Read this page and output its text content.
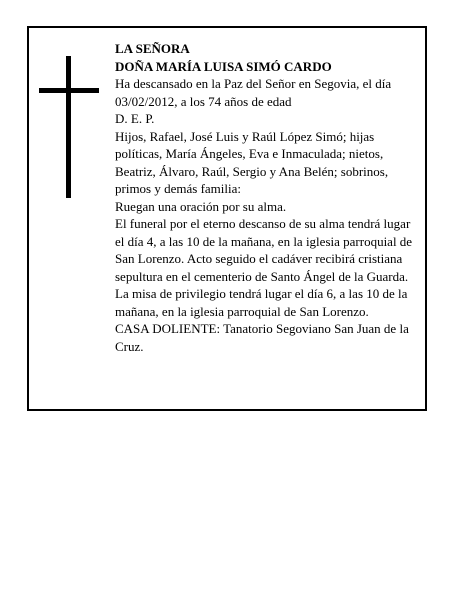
LA SEÑORA

DOÑA MARÍA LUISA SIMÓ CARDO

Ha descansado en la Paz del Señor en Segovia, el día 03/02/2012, a los 74 años de edad

D. E. P.

Hijos, Rafael, José Luis y Raúl López Simó; hijas políticas, María Ángeles, Eva e Inmaculada; nietos, Beatriz, Álvaro, Raúl, Sergio y Ana Belén; sobrinos, primos y demás familia:

Ruegan una oración por su alma.

El funeral por el eterno descanso de su alma tendrá lugar el día 4, a las 10 de la mañana, en la iglesia parroquial de San Lorenzo. Acto seguido el cadáver recibirá cristiana sepultura en el cementerio de Santo Ángel de la Guarda. La misa de privilegio tendrá lugar el día 6, a las 10 de la mañana, en la iglesia parroquial de San Lorenzo.

CASA DOLIENTE: Tanatorio Segoviano San Juan de la Cruz.
